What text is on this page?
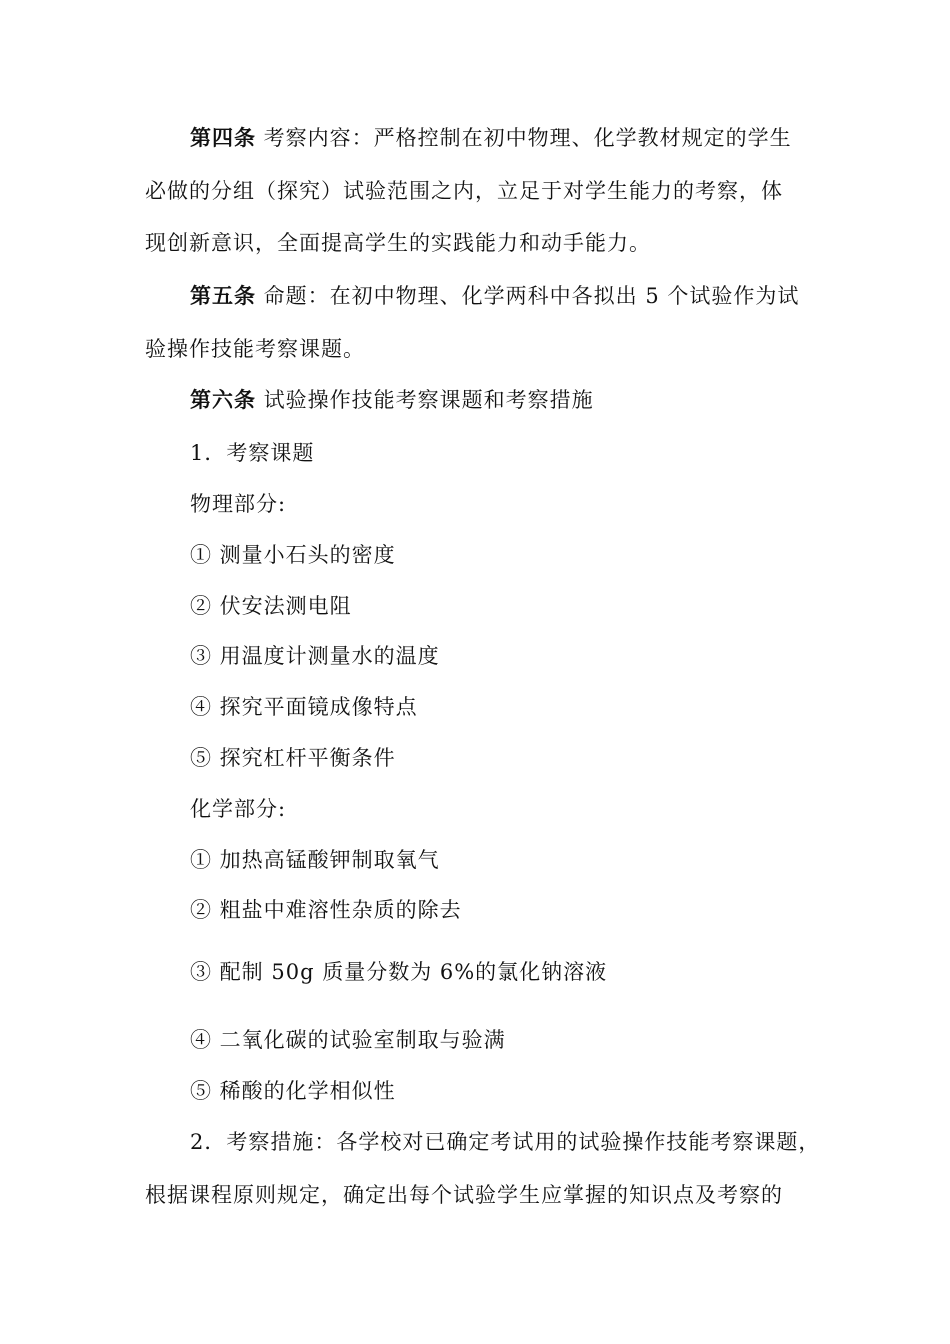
第四条 考察内容：严格控制在初中物理、化学教材规定的学生
必做的分组（探究）试验范围之内，立足于对学生能力的考察，体
现创新意识，全面提高学生的实践能力和动手能力。
第五条 命题：在初中物理、化学两科中各拟出 5 个试验作为试
验操作技能考察课题。
第六条 试验操作技能考察课题和考察措施
1．考察课题
物理部分:
① 测量小石头的密度
② 伏安法测电阻
③ 用温度计测量水的温度
④ 探究平面镜成像特点
⑤ 探究杠杆平衡条件
化学部分:
① 加热高锰酸钾制取氧气
② 粗盐中难溶性杂质的除去
③ 配制 50g 质量分数为 6%的氯化钠溶液
④ 二氧化碳的试验室制取与验满
⑤ 稀酸的化学相似性
2．考察措施：各学校对已确定考试用的试验操作技能考察课题，
根据课程原则规定，确定出每个试验学生应掌握的知识点及考察的
